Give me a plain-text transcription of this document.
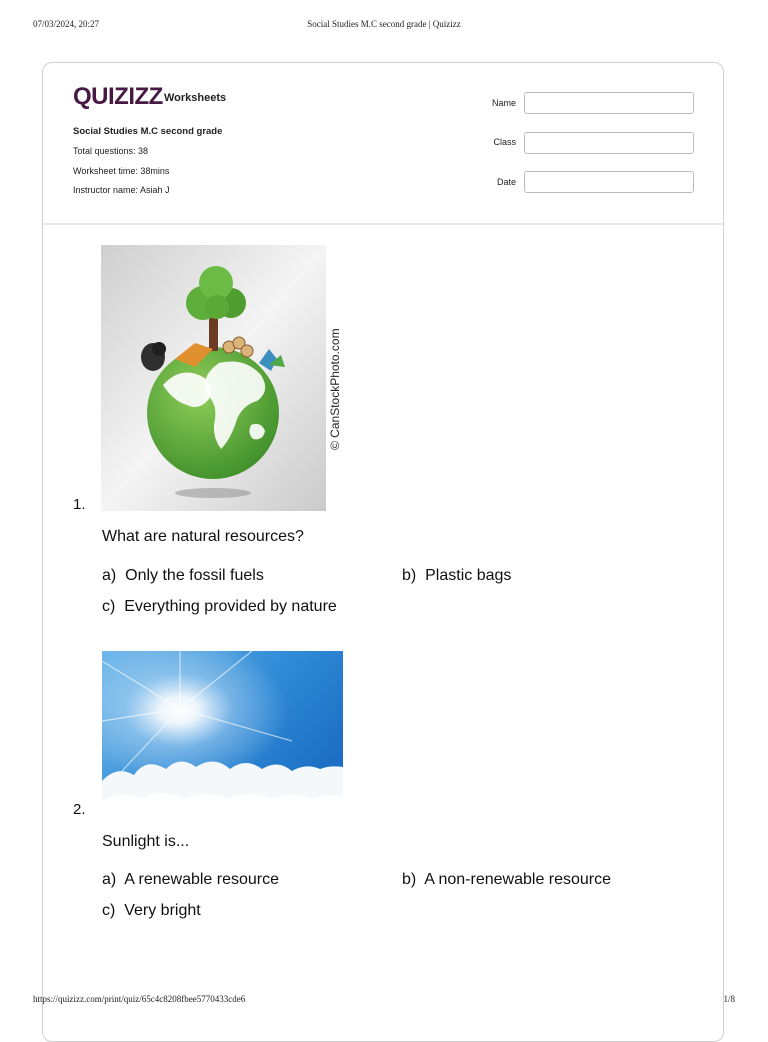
07/03/2024, 20:27	Social Studies M.C second grade | Quizizz
QUIZIZZ Worksheets
Social Studies M.C second grade
Total questions: 38
Worksheet time: 38mins
Instructor name: Asiah J
Name
Class
Date
© CanStockPhoto.com
1.
What are natural resources?
a) Only the fossil fuels	b) Plastic bags
c) Everything provided by nature
2.
Sunlight is...
a) A renewable resource	b) A non-renewable resource
c) Very bright
https://quizizz.com/print/quiz/65c4c8208fbee5770433cde6	1/8
